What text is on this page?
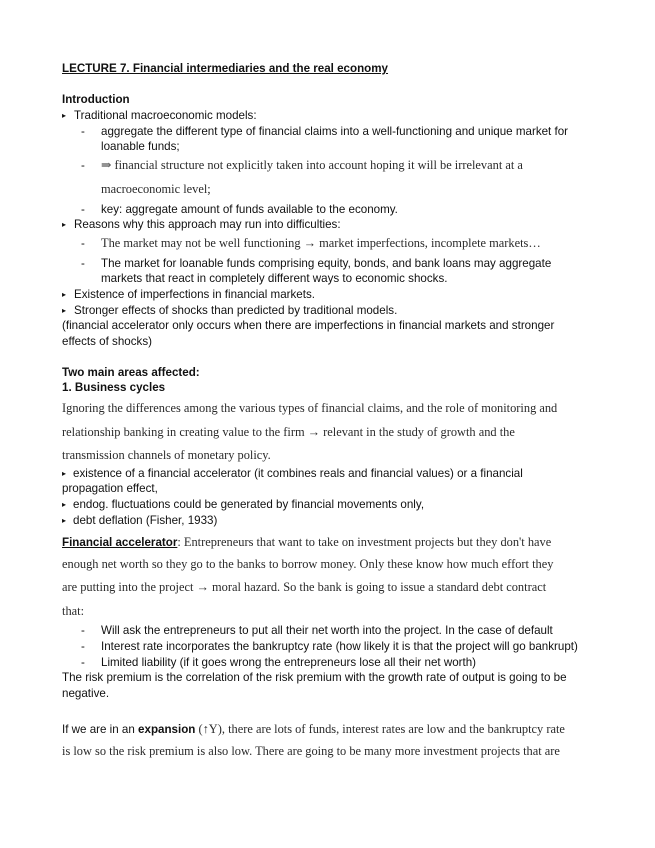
LECTURE 7. Financial intermediaries and the real economy
Introduction
▸ Traditional macroeconomic models:
- aggregate the different type of financial claims into a well-functioning and unique market for
loanable funds;
- ⇒ financial structure not explicitly taken into account hoping it will be irrelevant at a
macroeconomic level;
- key: aggregate amount of funds available to the economy.
▸ Reasons why this approach may run into difficulties:
- The market may not be well functioning → market imperfections, incomplete markets…
- The market for loanable funds comprising equity, bonds, and bank loans may aggregate
markets that react in completely different ways to economic shocks.
▸ Existence of imperfections in financial markets.
▸ Stronger effects of shocks than predicted by traditional models.
(financial accelerator only occurs when there are imperfections in financial markets and stronger
effects of shocks)
Two main areas affected:
1. Business cycles
Ignoring the differences among the various types of financial claims, and the role of monitoring and
relationship banking in creating value to the firm → relevant in the study of growth and the
transmission channels of monetary policy.
▸ existence of a financial accelerator (it combines reals and financial values) or a financial
propagation effect,
▸ endog. fluctuations could be generated by financial movements only,
▸ debt deflation (Fisher, 1933)
Financial accelerator: Entrepreneurs that want to take on investment projects but they don't have
enough net worth so they go to the banks to borrow money. Only these know how much effort they
are putting into the project → moral hazard. So the bank is going to issue a standard debt contract
that:
- Will ask the entrepreneurs to put all their net worth into the project. In the case of default
- Interest rate incorporates the bankruptcy rate (how likely it is that the project will go bankrupt)
- Limited liability (if it goes wrong the entrepreneurs lose all their net worth)
The risk premium is the correlation of the risk premium with the growth rate of output is going to be
negative.
If we are in an expansion (↑Y), there are lots of funds, interest rates are low and the bankruptcy rate
is low so the risk premium is also low. There are going to be many more investment projects that are
